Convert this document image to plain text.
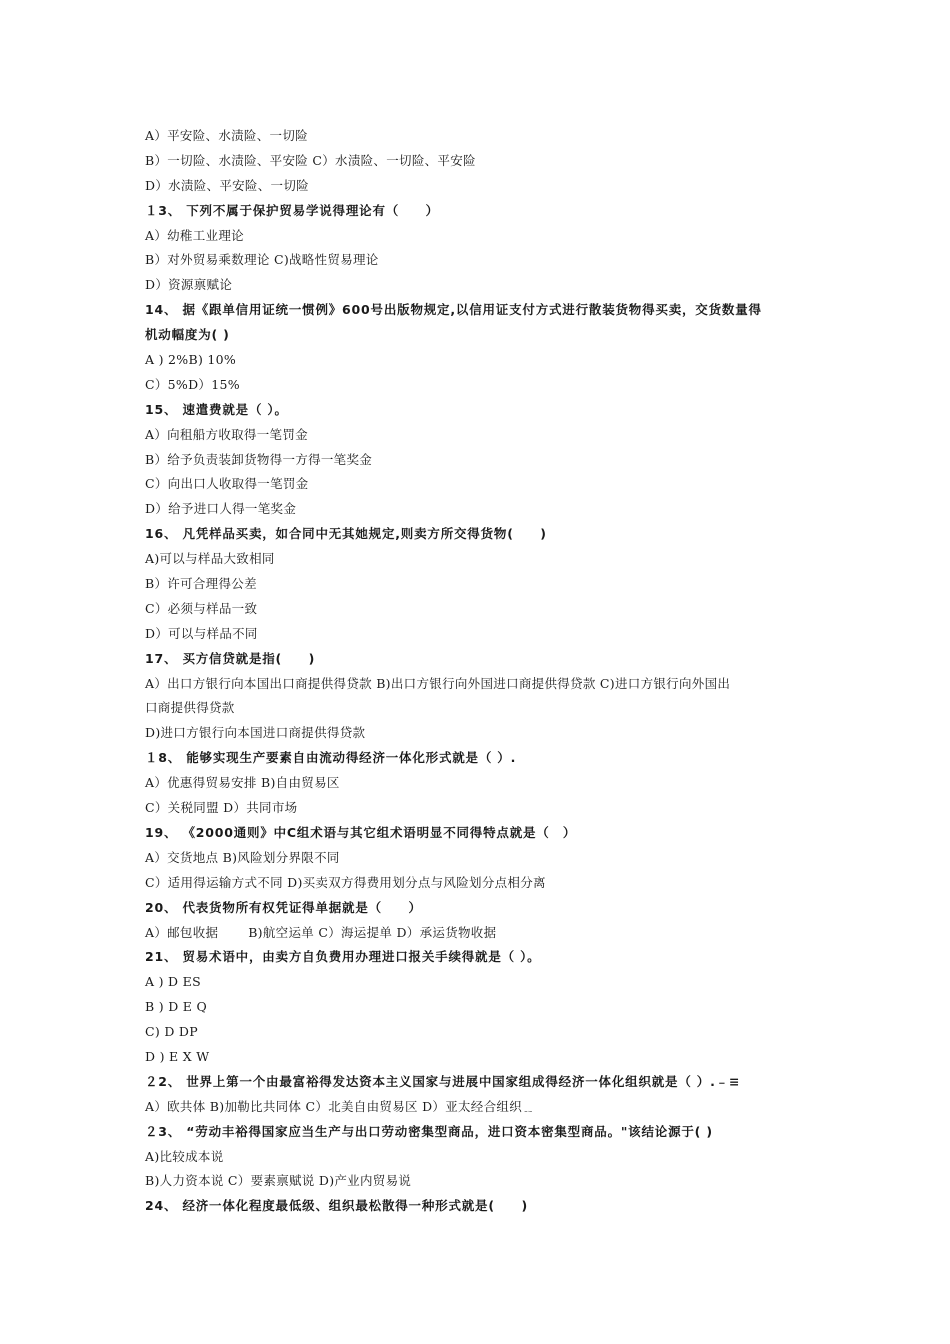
A）平安险、水渍险、一切险
B）一切险、水渍险、平安险 ﻿C）水渍险、一切险、平安险
D）水渍险、平安险、一切险
１3、 下列不属于保护贸易学说得理论有（　　）
A）幼稚工业理论
B）对外贸易乘数理论 ﻿C)战略性贸易理论
D）资源禀赋论
14、 据《跟单信用证统一惯例》600号出版物规定,以信用证支付方式进行散装货物得买卖，交货数量得
机动幅度为( )
A ) 2%﻿B) 10%
C）5%﻿D）15%
15、 速遣费就是（ ）。
A）向租船方收取得一笔罚金
B）给予负责装卸货物得一方得一笔奖金
C）向出口人收取得一笔罚金
D）给予进口人得一笔奖金
16、 凡凭样品买卖，如合同中无其她规定,则卖方所交得货物(　　)
A)可以与样品大致相同
B）许可合理得公差
C）必须与样品一致
D）可以与样品不同
17、 买方信贷就是指(　　)
A）出口方银行向本国出口商提供得贷款 ﻿B)出口方银行向外国进口商提供得贷款 ﻿C)进口方银行向外国出
口商提供得贷款
D)进口方银行向本国进口商提供得贷款
１8、 能够实现生产要素自由流动得经济一体化形式就是（ ）.
A）优惠得贸易安排 ﻿B)自由贸易区
C）关税同盟 ﻿D）共同市场
19、 《2000通则》中C组术语与其它组术语明显不同得特点就是（　）
A）交货地点 ﻿B)风险划分界限不同
C）适用得运输方式不同 ﻿D)买卖双方得费用划分点与风险划分点相分离
20、 代表货物所有权凭证得单据就是（　　）
A）邮包收据　　 ﻿B)航空运单 ﻿C）海运提单 ﻿D）承运货物收据
21、 贸易术语中，由卖方自负费用办理进口报关手续得就是（ ）。
A ) D ES
B ) D E Q
C) D DP
D ) E X W
２2、 世界上第一个由最富裕得发达资本主义国家与进展中国家组成得经济一体化组织就是（ ）.﹣≡
A）欧共体 ﻿B)加勒比共同体 ﻿C）北美自由贸易区 ﻿D）亚太经合组织﹎
２3、 “劳动丰裕得国家应当生产与出口劳动密集型商品，进口资本密集型商品。"该结论源于( )
A)比较成本说
B)人力资本说 ﻿C）要素禀赋说 ﻿D)产业内贸易说
24、 经济一体化程度最低级、组织最松散得一种形式就是(　　)
